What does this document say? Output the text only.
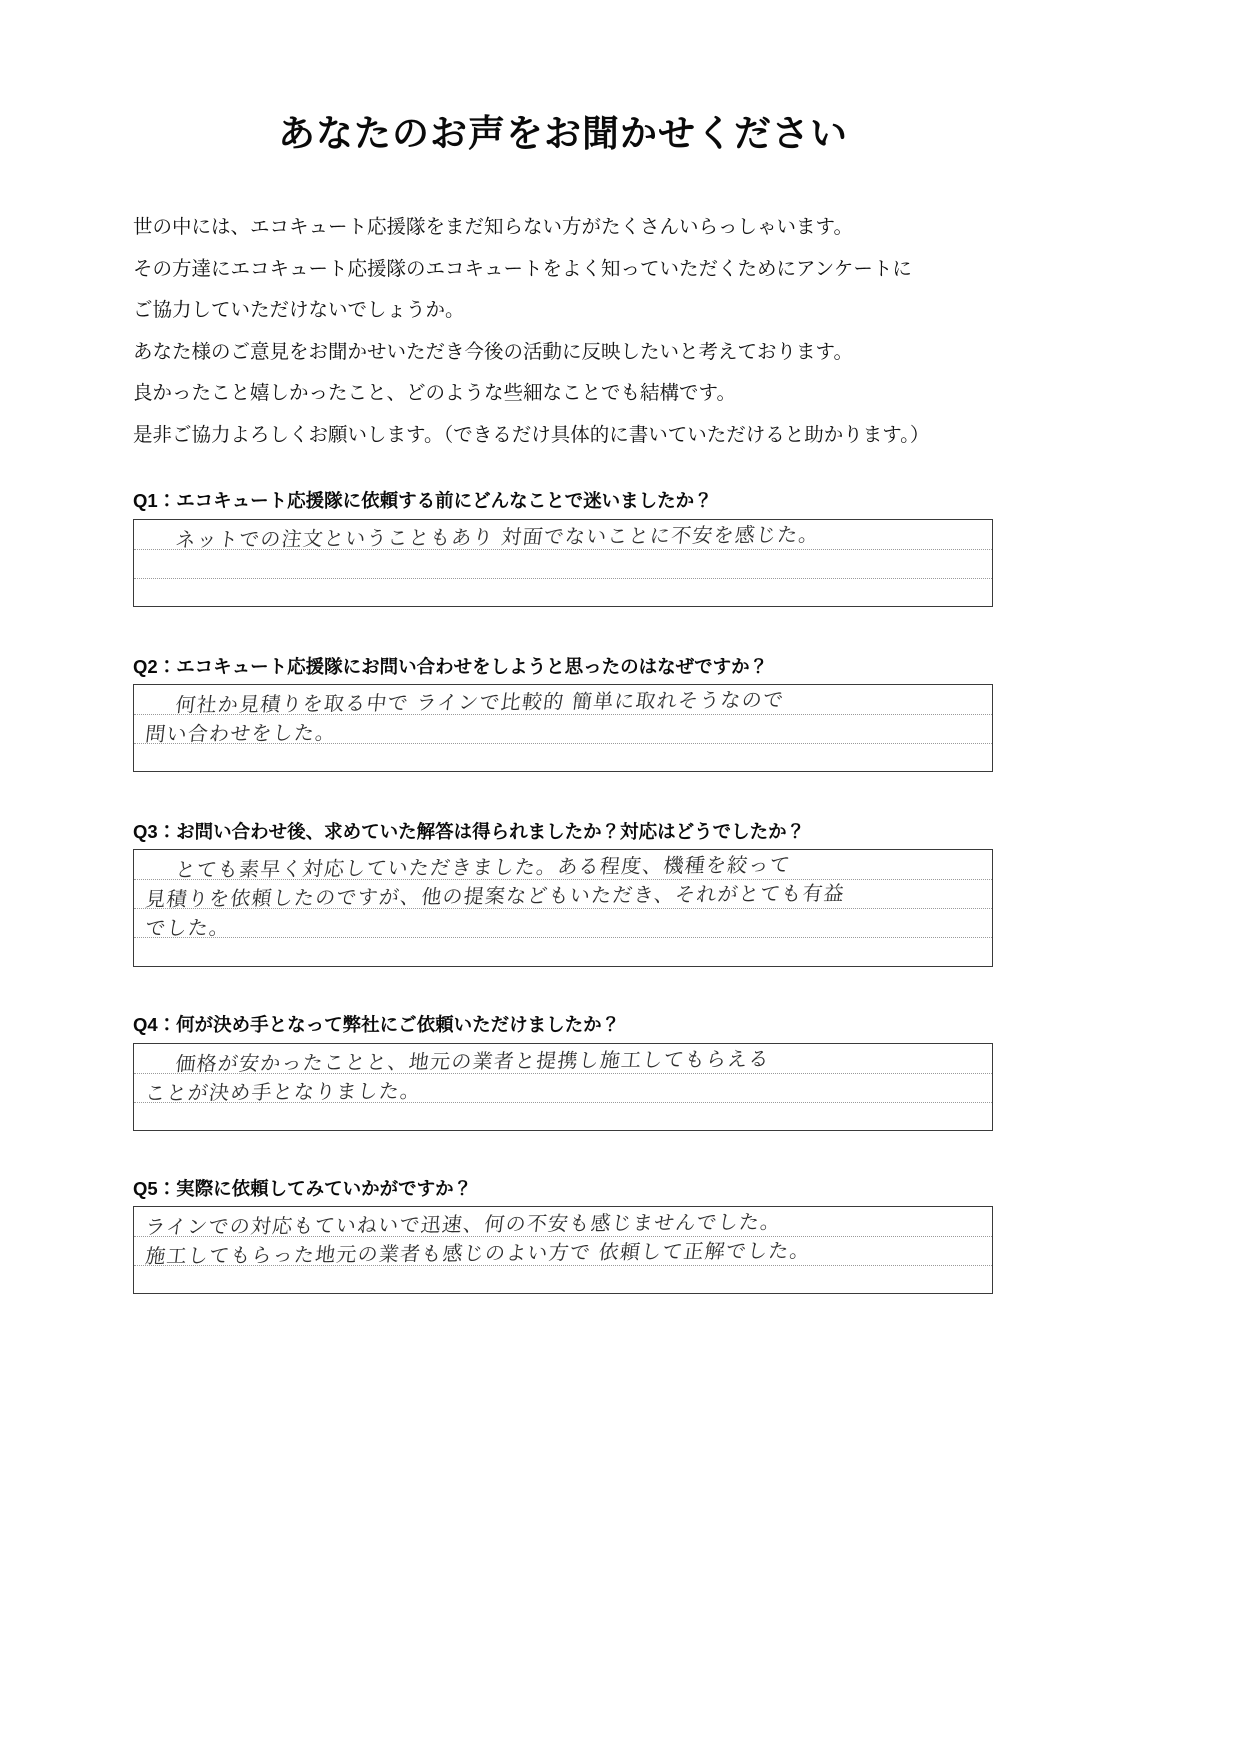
あなたのお声をお聞かせください
世の中には、エコキュート応援隊をまだ知らない方がたくさんいらっしゃいます。
その方達にエコキュート応援隊のエコキュートをよく知っていただくためにアンケートに
ご協力していただけないでしょうか。
あなた様のご意見をお聞かせいただき今後の活動に反映したいと考えております。
良かったこと嬉しかったこと、どのような些細なことでも結構です。
是非ご協力よろしくお願いします。（できるだけ具体的に書いていただけると助かります。）
Q1：エコキュート応援隊に依頼する前にどんなことで迷いましたか？
ネットでの注文ということもあり 対面でないことに不安を感じた。
Q2：エコキュート応援隊にお問い合わせをしようと思ったのはなぜですか？
何社か見積りを取る中で ラインで比較的 簡単に取れそうなので
問い合わせをした。
Q3：お問い合わせ後、求めていた解答は得られましたか？対応はどうでしたか？
とても素早く対応していただきました。ある程度、機種を絞って
見積りを依頼したのですが、他の提案などもいただき、それがとても有益
でした。
Q4：何が決め手となって弊社にご依頼いただけましたか？
価格が安かったことと、地元の業者と提携し施工してもらえる
ことが決め手となりました。
Q5：実際に依頼してみていかがですか？
ラインでの対応もていねいで迅速、何の不安も感じませんでした。
施工してもらった地元の業者も感じのよい方で 依頼して正解でした。
